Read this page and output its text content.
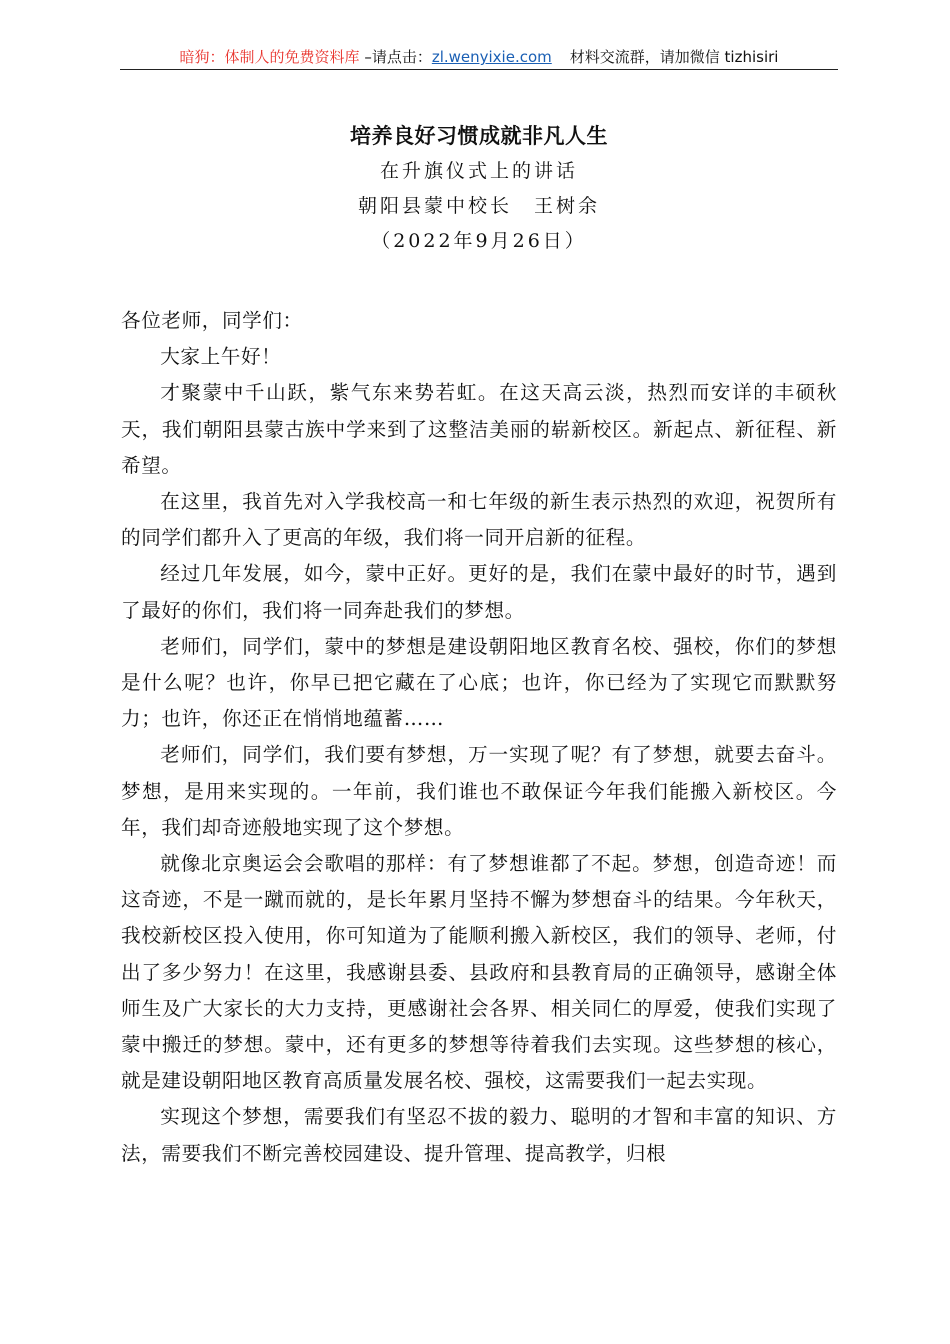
暗狗：体制人的免费资料库 –请点击：zl.wenyixie.com 材料交流群，请加微信 tizhisiri
培养良好习惯成就非凡人生
在升旗仪式上的讲话
朝阳县蒙中校长　王树余
（2022年9月26日）

各位老师，同学们：

大家上午好！

才聚蒙中千山跃，紫气东来势若虹。在这天高云淡，热烈而安详的丰硕秋天，我们朝阳县蒙古族中学来到了这整洁美丽的崭新校区。新起点、新征程、新希望。

在这里，我首先对入学我校高一和七年级的新生表示热烈的欢迎，祝贺所有的同学们都升入了更高的年级，我们将一同开启新的征程。

经过几年发展，如今，蒙中正好。更好的是，我们在蒙中最好的时节，遇到了最好的你们，我们将一同奔赴我们的梦想。

老师们，同学们，蒙中的梦想是建设朝阳地区教育名校、强校，你们的梦想是什么呢？也许，你早已把它藏在了心底；也许，你已经为了实现它而默默努力；也许，你还正在悄悄地蕴蓄……

老师们，同学们，我们要有梦想，万一实现了呢？有了梦想，就要去奋斗。梦想，是用来实现的。一年前，我们谁也不敢保证今年我们能搬入新校区。今年，我们却奇迹般地实现了这个梦想。

就像北京奥运会会歌唱的那样：有了梦想谁都了不起。梦想，创造奇迹！而这奇迹，不是一蹴而就的，是长年累月坚持不懈为梦想奋斗的结果。今年秋天，我校新校区投入使用，你可知道为了能顺利搬入新校区，我们的领导、老师，付出了多少努力！在这里，我感谢县委、县政府和县教育局的正确领导，感谢全体师生及广大家长的大力支持，更感谢社会各界、相关同仁的厚爱，使我们实现了蒙中搬迁的梦想。蒙中，还有更多的梦想等待着我们去实现。这些梦想的核心，就是建设朝阳地区教育高质量发展名校、强校，这需要我们一起去实现。

实现这个梦想，需要我们有坚忍不拔的毅力、聪明的才智和丰富的知识、方法，需要我们不断完善校园建设、提升管理、提高教学，归根
